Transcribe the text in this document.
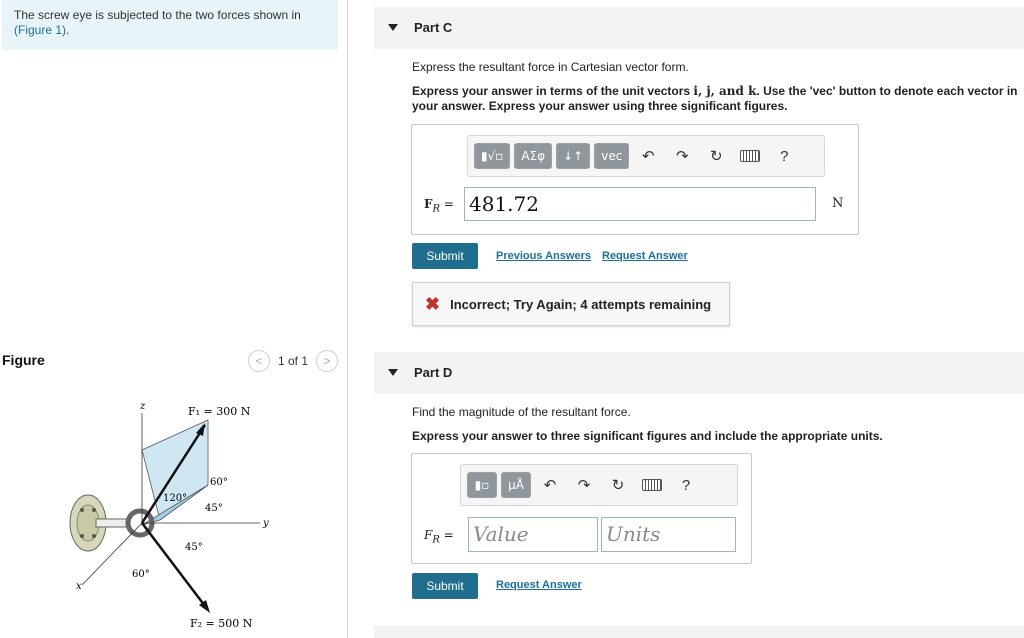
The screw eye is subjected to the two forces shown in
(Figure 1).
Figure	<	1 of 1	>
z
y
x
F₁ = 300 N
F₂ = 500 N
60°
120°
45°
45°
60°
Part C
Express the resultant force in Cartesian vector form.
Express your answer in terms of the unit vectors i, j, and k. Use the 'vec' button to denote each vector in your answer. Express your answer using three significant figures.
▮√▫	ΑΣφ	↓↑	vec	↶	↷	↻	?
$F_R = 481.72$	N
Submit	Previous Answers Request Answer
✖ Incorrect; Try Again; 4 attempts remaining
Part D
Find the magnitude of the resultant force.
Express your answer to three significant figures and include the appropriate units.
▮▫	μÅ	↶	↷	↻	?
$F_R$ = Value	Units
Submit	Request Answer
